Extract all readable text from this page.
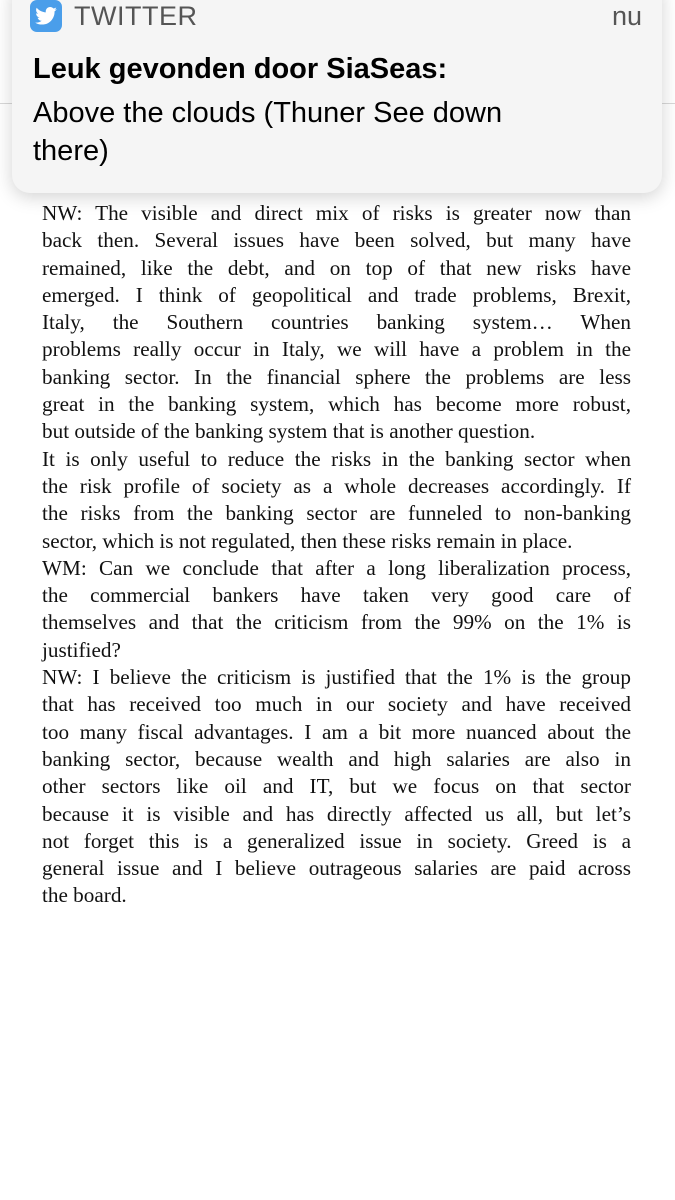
NW: The visible and direct mix of risks is greater now than
back then. Several issues have been solved, but many have
remained, like the debt, and on top of that new risks have
emerged. I think of geopolitical and trade problems, Brexit,
Italy, the Southern countries banking system… When
problems really occur in Italy, we will have a problem in the
banking sector. In the financial sphere the problems are less
great in the banking system, which has become more robust,
but outside of the banking system that is another question.
It is only useful to reduce the risks in the banking sector when
the risk profile of society as a whole decreases accordingly. If
the risks from the banking sector are funneled to non-banking
sector, which is not regulated, then these risks remain in place.
WM: Can we conclude that after a long liberalization process,
the commercial bankers have taken very good care of
themselves and that the criticism from the 99% on the 1% is
justified?
NW: I believe the criticism is justified that the 1% is the group
that has received too much in our society and have received
too many fiscal advantages. I am a bit more nuanced about the
banking sector, because wealth and high salaries are also in
other sectors like oil and IT, but we focus on that sector
because it is visible and has directly affected us all, but let’s
not forget this is a generalized issue in society. Greed is a
general issue and I believe outrageous salaries are paid across
the board.
TWITTER	nu
Leuk gevonden door SiaSeas:
Above the clouds (Thuner See down there)
